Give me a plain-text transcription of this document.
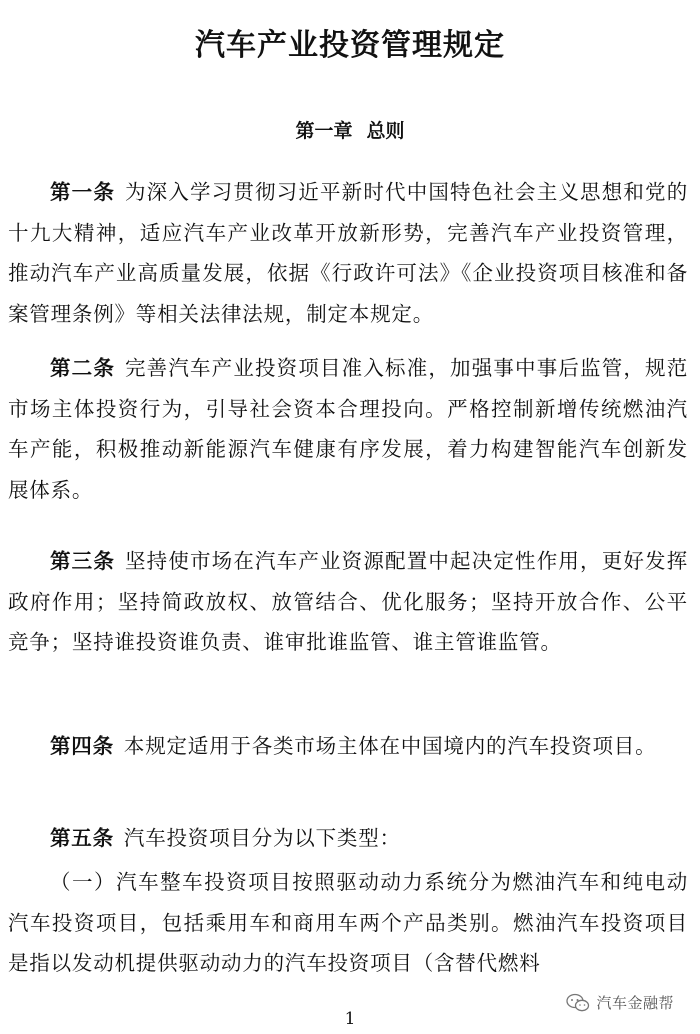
汽车产业投资管理规定
第一章 总则

第一条 为深入学习贯彻习近平新时代中国特色社会主义思想和党的十九大精神，适应汽车产业改革开放新形势，完善汽车产业投资管理，推动汽车产业高质量发展，依据《行政许可法》《企业投资项目核准和备案管理条例》等相关法律法规，制定本规定。

第二条 完善汽车产业投资项目准入标准，加强事中事后监管，规范市场主体投资行为，引导社会资本合理投向。严格控制新增传统燃油汽车产能，积极推动新能源汽车健康有序发展，着力构建智能汽车创新发展体系。

第三条 坚持使市场在汽车产业资源配置中起决定性作用，更好发挥政府作用；坚持简政放权、放管结合、优化服务；坚持开放合作、公平竞争；坚持谁投资谁负责、谁审批谁监管、谁主管谁监管。

第四条 本规定适用于各类市场主体在中国境内的汽车投资项目。

第五条 汽车投资项目分为以下类型：

（一）汽车整车投资项目按照驱动动力系统分为燃油汽车和纯电动汽车投资项目，包括乘用车和商用车两个产品类别。燃油汽车投资项目是指以发动机提供驱动动力的汽车投资项目（含替代燃料

1
汽车金融帮
